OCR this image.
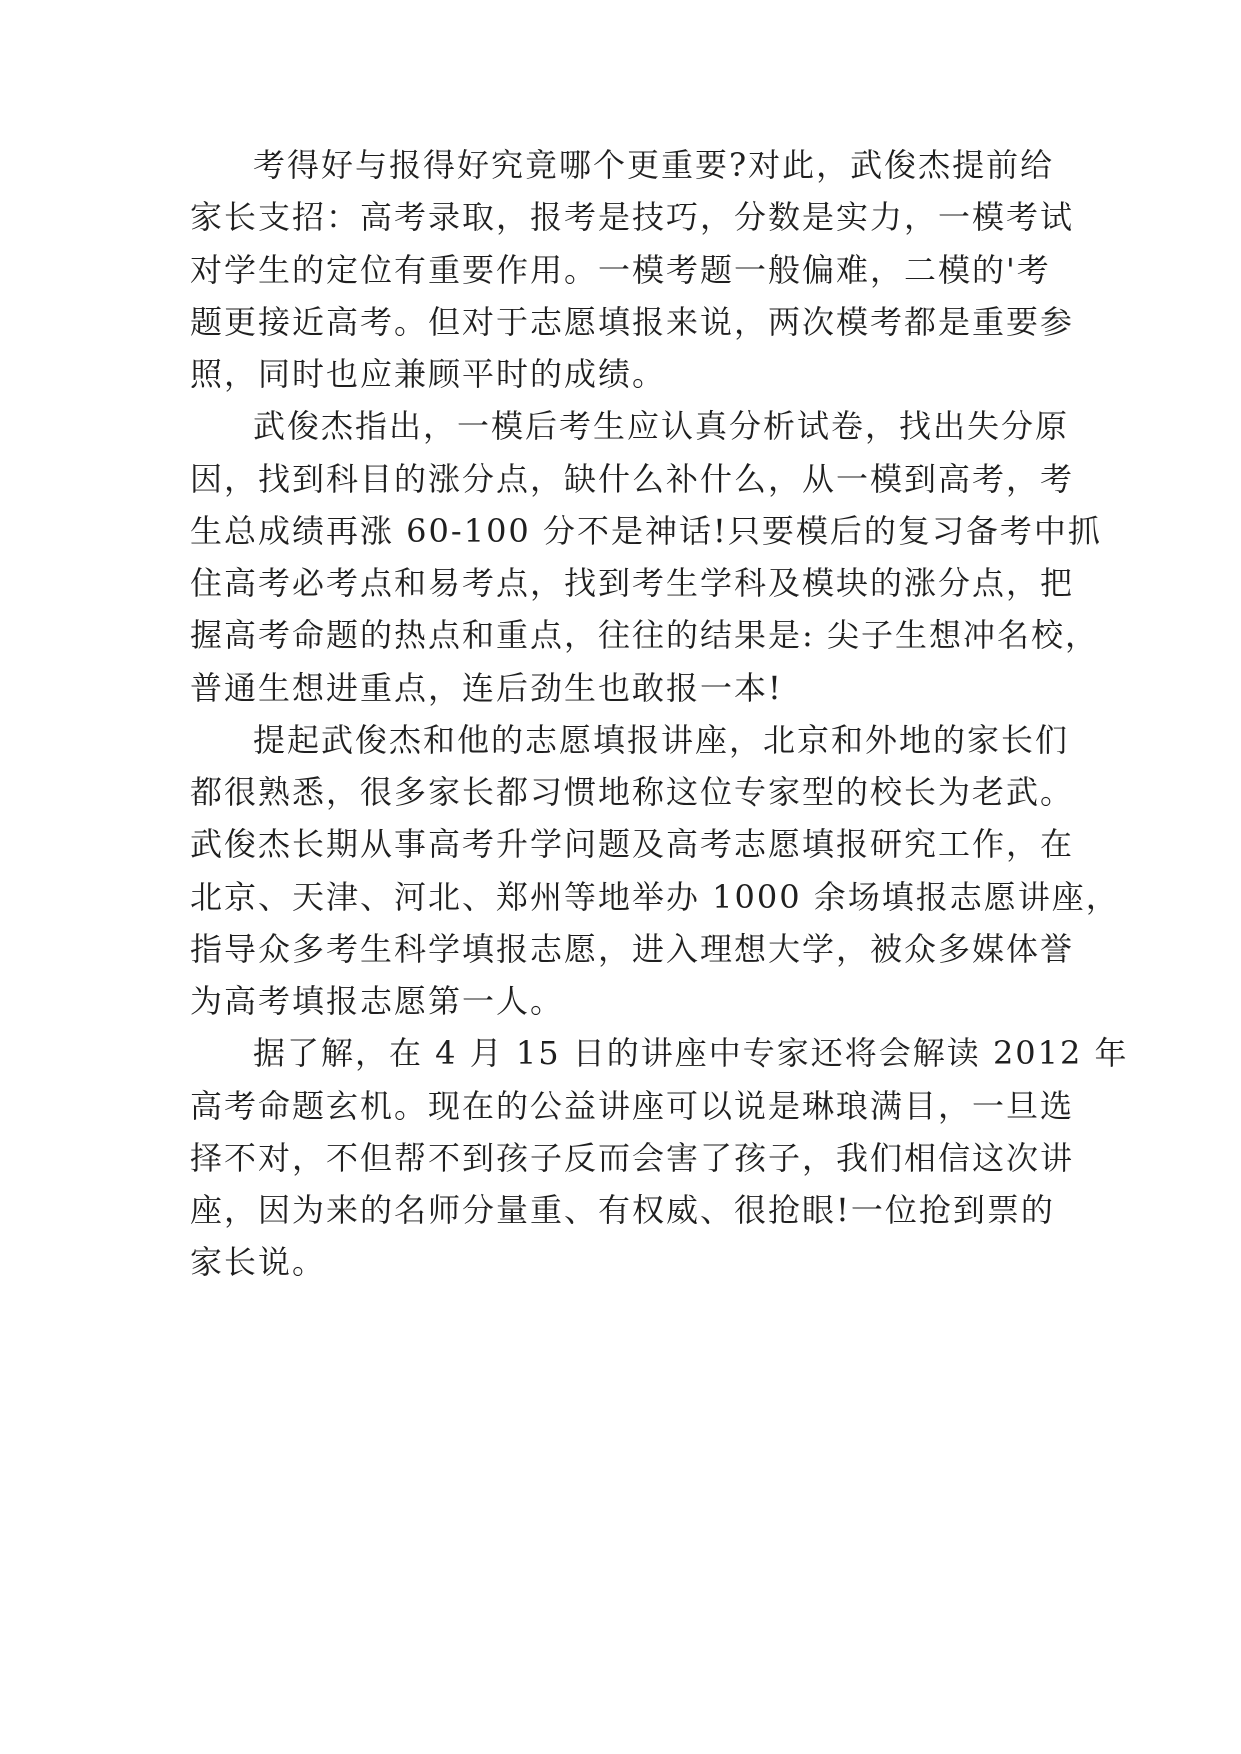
考得好与报得好究竟哪个更重要?对此，武俊杰提前给
家长支招：高考录取，报考是技巧，分数是实力，一模考试
对学生的定位有重要作用。一模考题一般偏难，二模的'考
题更接近高考。但对于志愿填报来说，两次模考都是重要参
照，同时也应兼顾平时的成绩。
武俊杰指出，一模后考生应认真分析试卷，找出失分原
因，找到科目的涨分点，缺什么补什么，从一模到高考，考
生总成绩再涨 60-100 分不是神话!只要模后的复习备考中抓
住高考必考点和易考点，找到考生学科及模块的涨分点，把
握高考命题的热点和重点，往往的结果是: 尖子生想冲名校，
普通生想进重点，连后劲生也敢报一本!
提起武俊杰和他的志愿填报讲座，北京和外地的家长们
都很熟悉，很多家长都习惯地称这位专家型的校长为老武。
武俊杰长期从事高考升学问题及高考志愿填报研究工作，在
北京、天津、河北、郑州等地举办 1000 余场填报志愿讲座，
指导众多考生科学填报志愿，进入理想大学，被众多媒体誉
为高考填报志愿第一人。
据了解，在 4 月 15 日的讲座中专家还将会解读 2012 年
高考命题玄机。现在的公益讲座可以说是琳琅满目，一旦选
择不对，不但帮不到孩子反而会害了孩子，我们相信这次讲
座，因为来的名师分量重、有权威、很抢眼!一位抢到票的
家长说。
